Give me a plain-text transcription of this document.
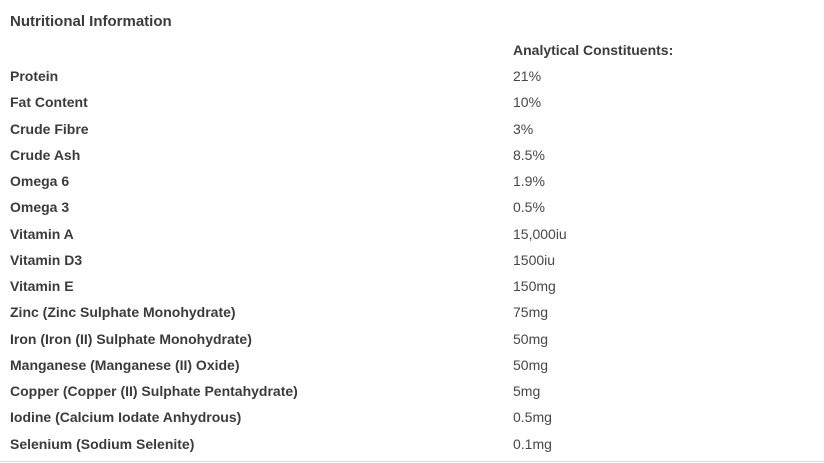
Nutritional Information
Analytical Constituents:
Protein	21%
Fat Content	10%
Crude Fibre	3%
Crude Ash	8.5%
Omega 6	1.9%
Omega 3	0.5%
Vitamin A	15,000iu
Vitamin D3	1500iu
Vitamin E	150mg
Zinc (Zinc Sulphate Monohydrate)	75mg
Iron (Iron (II) Sulphate Monohydrate)	50mg
Manganese (Manganese (II) Oxide)	50mg
Copper (Copper (II) Sulphate Pentahydrate)	5mg
Iodine (Calcium Iodate Anhydrous)	0.5mg
Selenium (Sodium Selenite)	0.1mg
